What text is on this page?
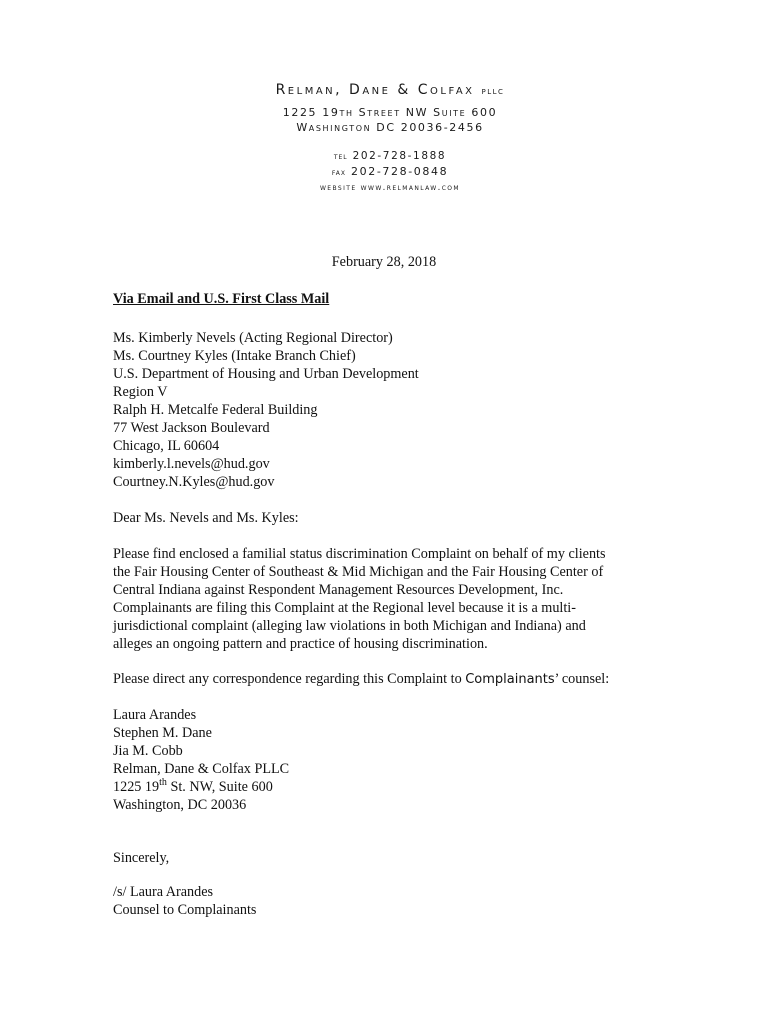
Relman, Dane & Colfax pllc
1225 19th Street NW Suite 600
Washington DC 20036-2456
tel 202-728-1888
fax 202-728-0848
website www.relmanlaw.com
February 28, 2018
Via Email and U.S. First Class Mail
Ms. Kimberly Nevels (Acting Regional Director)
Ms. Courtney Kyles (Intake Branch Chief)
U.S. Department of Housing and Urban Development
Region V
Ralph H. Metcalfe Federal Building
77 West Jackson Boulevard
Chicago, IL 60604
kimberly.l.nevels@hud.gov
Courtney.N.Kyles@hud.gov
Dear Ms. Nevels and Ms. Kyles:
Please find enclosed a familial status discrimination Complaint on behalf of my clients
the Fair Housing Center of Southeast & Mid Michigan and the Fair Housing Center of
Central Indiana against Respondent Management Resources Development, Inc.
Complainants are filing this Complaint at the Regional level because it is a multi-
jurisdictional complaint (alleging law violations in both Michigan and Indiana) and
alleges an ongoing pattern and practice of housing discrimination.
Please direct any correspondence regarding this Complaint to Complainants’ counsel:
Laura Arandes
Stephen M. Dane
Jia M. Cobb
Relman, Dane & Colfax PLLC
1225 19th St. NW, Suite 600
Washington, DC 20036
Sincerely,
/s/ Laura Arandes
Counsel to Complainants
